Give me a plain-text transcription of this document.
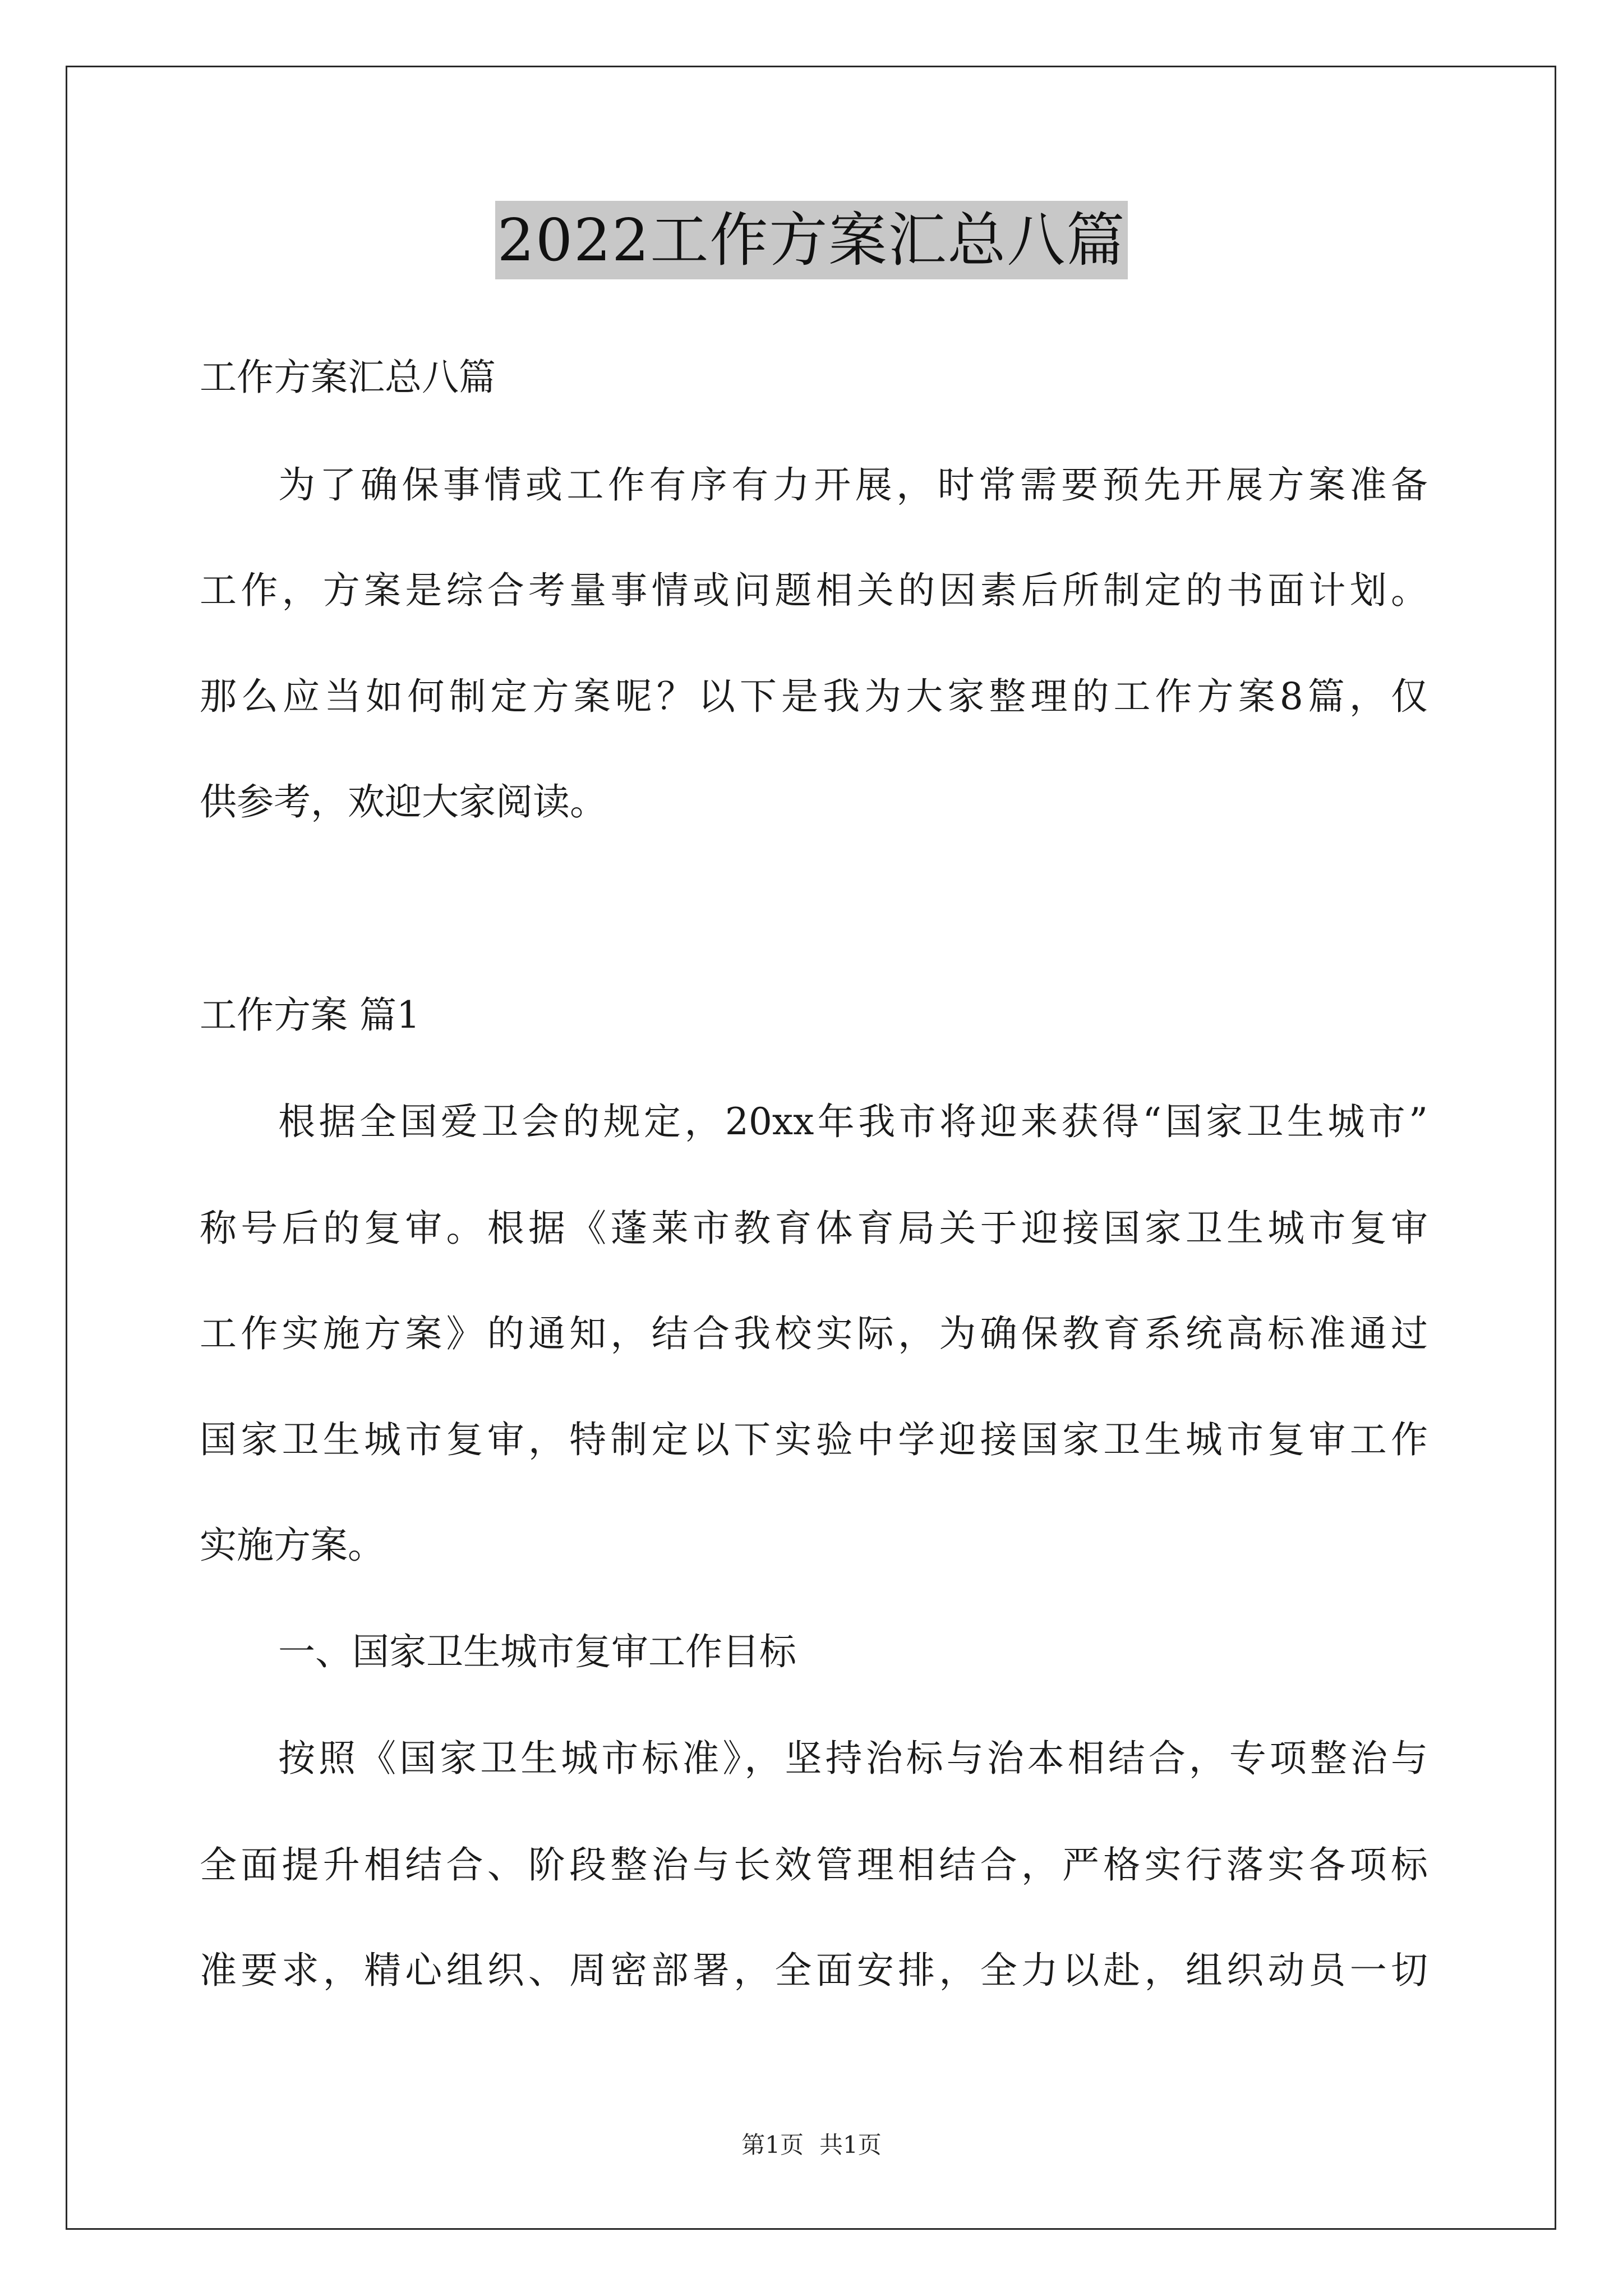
2022工作方案汇总八篇
工作方案汇总八篇
为了确保事情或工作有序有力开展，时常需要预先开展方案准备
工作，方案是综合考量事情或问题相关的因素后所制定的书面计划。
那么应当如何制定方案呢？以下是我为大家整理的工作方案8篇，仅
供参考，欢迎大家阅读。
工作方案 篇1
根据全国爱卫会的规定，20xx年我市将迎来获得“国家卫生城市”
称号后的复审。根据《蓬莱市教育体育局关于迎接国家卫生城市复审
工作实施方案》的通知，结合我校实际，为确保教育系统高标准通过
国家卫生城市复审，特制定以下实验中学迎接国家卫生城市复审工作
实施方案。
一、国家卫生城市复审工作目标
按照《国家卫生城市标准》，坚持治标与治本相结合，专项整治与
全面提升相结合、阶段整治与长效管理相结合，严格实行落实各项标
准要求，精心组织、周密部署，全面安排，全力以赴，组织动员一切
第1页 共1页
